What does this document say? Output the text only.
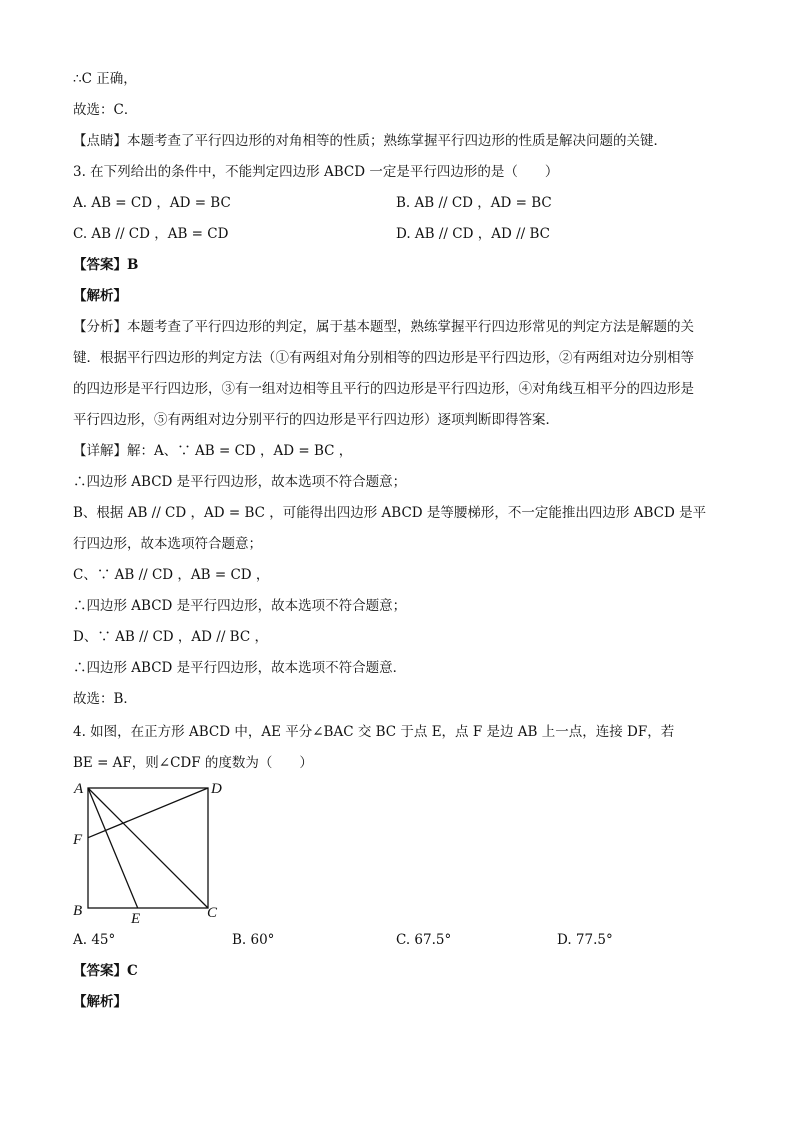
∴C 正确，
故选：C．
【点睛】本题考查了平行四边形的对角相等的性质；熟练掌握平行四边形的性质是解决问题的关键．
3. 在下列给出的条件中，不能判定四边形 ABCD 一定是平行四边形的是（　　）
A. AB = CD ，AD = BC	B. AB // CD ，AD = BC
C. AB // CD ，AB = CD	D. AB // CD ，AD // BC
【答案】B
【解析】
【分析】本题考查了平行四边形的判定，属于基本题型，熟练掌握平行四边形常见的判定方法是解题的关
键．根据平行四边形的判定方法（①有两组对角分别相等的四边形是平行四边形，②有两组对边分别相等
的四边形是平行四边形，③有一组对边相等且平行的四边形是平行四边形，④对角线互相平分的四边形是
平行四边形，⑤有两组对边分别平行的四边形是平行四边形）逐项判断即得答案．
【详解】解：A、∵ AB = CD ，AD = BC ，
∴四边形 ABCD 是平行四边形，故本选项不符合题意；
B、根据 AB // CD ，AD = BC ，可能得出四边形 ABCD 是等腰梯形，不一定能推出四边形 ABCD 是平
行四边形，故本选项符合题意；
C、∵ AB // CD ，AB = CD ，
∴四边形 ABCD 是平行四边形，故本选项不符合题意；
D、∵ AB // CD ，AD // BC ，
∴四边形 ABCD 是平行四边形，故本选项不符合题意．
故选：B．
4. 如图，在正方形 ABCD 中，AE 平分∠BAC 交 BC 于点 E，点 F 是边 AB 上一点，连接 DF，若
BE = AF，则∠CDF 的度数为（　　）
A	D
F
B	E	C
A. 45°	B. 60°	C. 67.5°	D. 77.5°
【答案】C
【解析】
